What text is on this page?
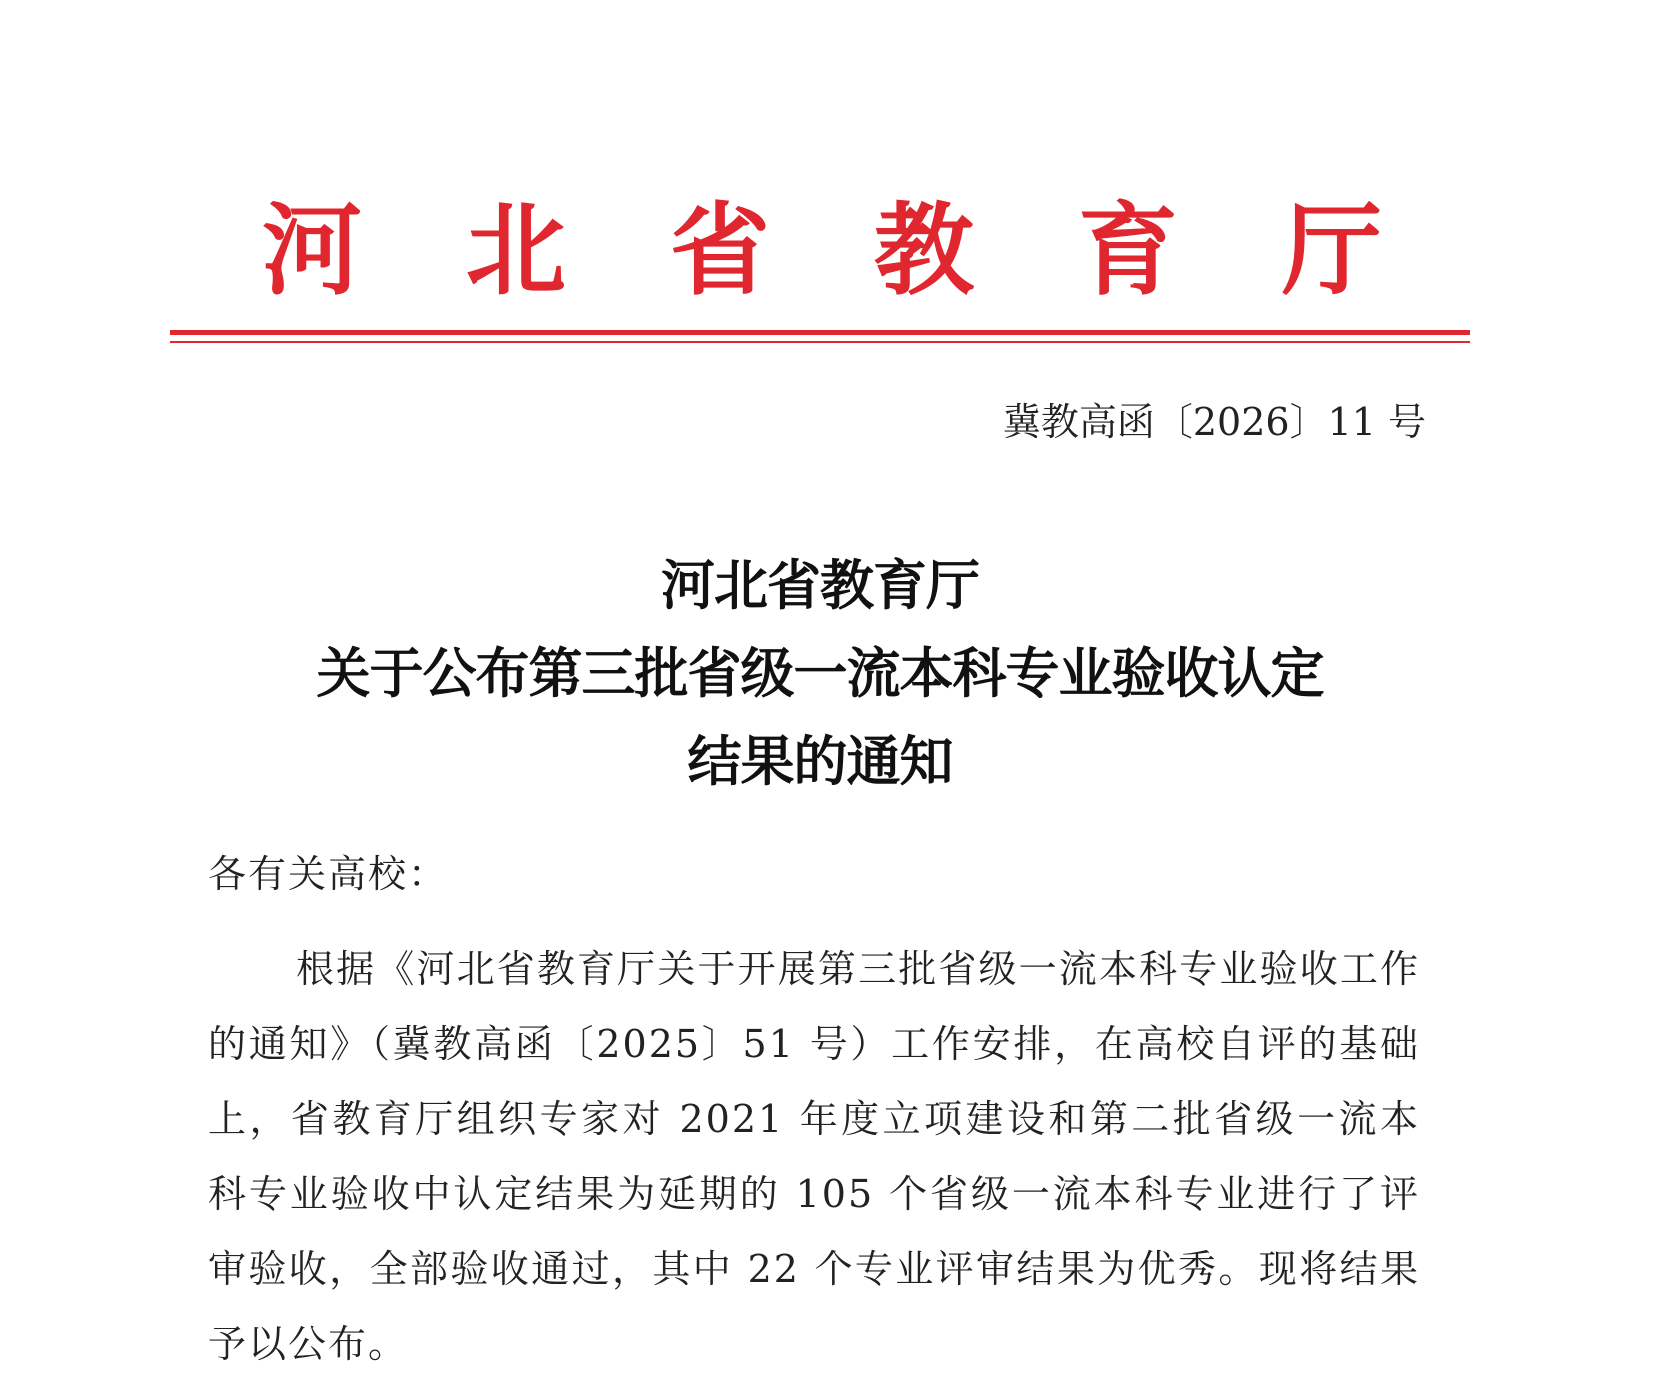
河 北 省 教 育 厅
冀教高函〔2026〕11 号
河北省教育厅
关于公布第三批省级一流本科专业验收认定
结果的通知
各有关高校：
根据《河北省教育厅关于开展第三批省级一流本科专业验收工作的通知》（冀教高函〔2025〕51 号）工作安排，在高校自评的基础上，省教育厅组织专家对 2021 年度立项建设和第二批省级一流本科专业验收中认定结果为延期的 105 个省级一流本科专业进行了评审验收，全部验收通过，其中 22 个专业评审结果为优秀。现将结果予以公布。
